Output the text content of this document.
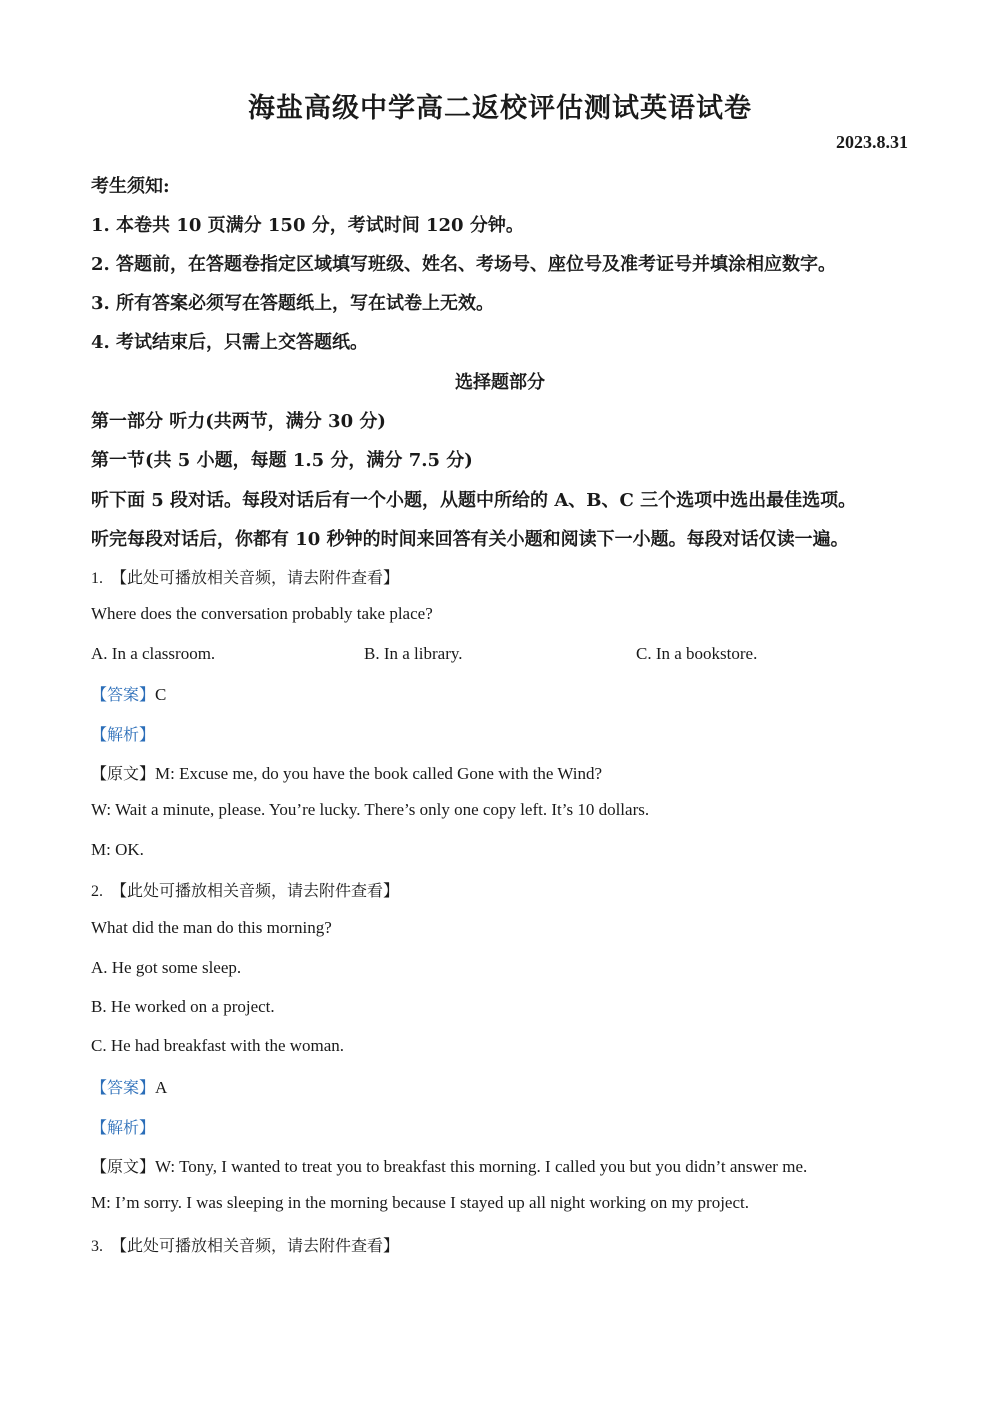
海盐高级中学高二返校评估测试英语试卷
2023.8.31
考生须知:
1. 本卷共 10 页满分 150 分，考试时间 120 分钟。
2. 答题前，在答题卷指定区域填写班级、姓名、考场号、座位号及准考证号并填涂相应数字。
3. 所有答案必须写在答题纸上，写在试卷上无效。
4. 考试结束后，只需上交答题纸。
选择题部分
第一部分 听力(共两节，满分 30 分)
第一节(共 5 小题，每题 1.5 分，满分 7.5 分)
听下面 5 段对话。每段对话后有一个小题，从题中所给的 A、B、C 三个选项中选出最佳选项。
听完每段对话后，你都有 10 秒钟的时间来回答有关小题和阅读下一小题。每段对话仅读一遍。
1. 【此处可播放相关音频，请去附件查看】
Where does the conversation probably take place?
A. In a classroom.	B. In a library.	C. In a bookstore.
【答案】C
【解析】
【原文】M: Excuse me, do you have the book called Gone with the Wind?
W: Wait a minute, please. You’re lucky. There’s only one copy left. It’s 10 dollars.
M: OK.
2. 【此处可播放相关音频，请去附件查看】
What did the man do this morning?
A. He got some sleep.
B. He worked on a project.
C. He had breakfast with the woman.
【答案】A
【解析】
【原文】W: Tony, I wanted to treat you to breakfast this morning. I called you but you didn’t answer me.
M: I’m sorry. I was sleeping in the morning because I stayed up all night working on my project.
3. 【此处可播放相关音频，请去附件查看】
